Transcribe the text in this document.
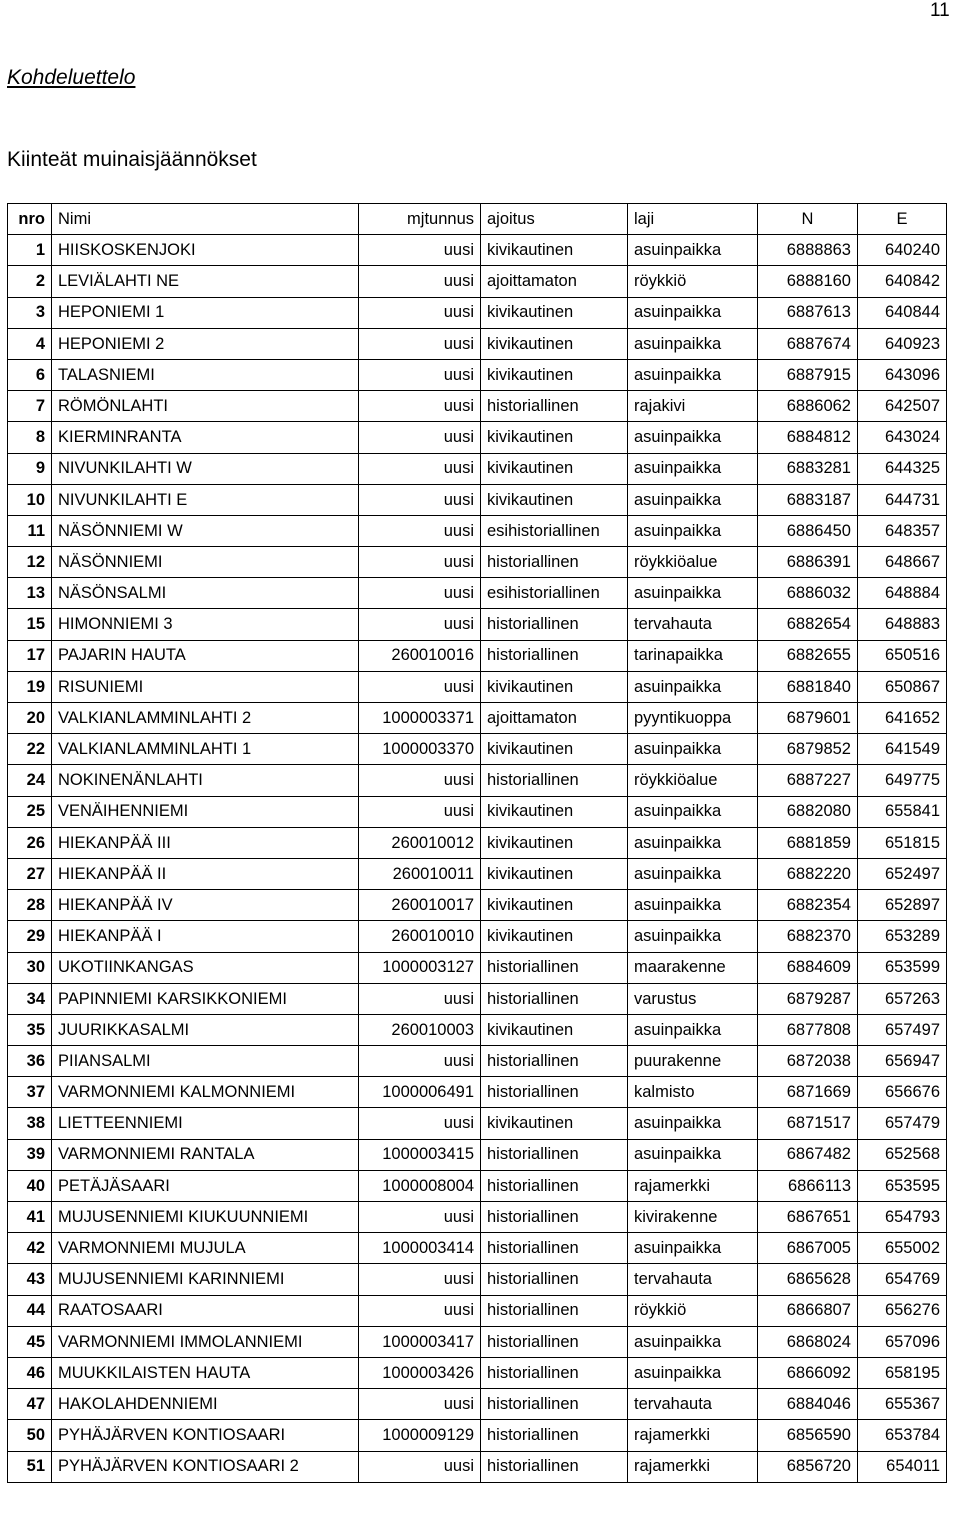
11
Kohdeluettelo
Kiinteät muinaisjäännökset
nro	Nimi	mjtunnus	ajoitus	laji	N	E
1	HIISKOSKENJOKI	uusi	kivikautinen	asuinpaikka	6888863	640240
2	LEVIÄLAHTI NE	uusi	ajoittamaton	röykkiö	6888160	640842
3	HEPONIEMI 1	uusi	kivikautinen	asuinpaikka	6887613	640844
4	HEPONIEMI 2	uusi	kivikautinen	asuinpaikka	6887674	640923
6	TALASNIEMI	uusi	kivikautinen	asuinpaikka	6887915	643096
7	RÖMÖNLAHTI	uusi	historiallinen	rajakivi	6886062	642507
8	KIERMINRANTA	uusi	kivikautinen	asuinpaikka	6884812	643024
9	NIVUNKILAHTI W	uusi	kivikautinen	asuinpaikka	6883281	644325
10	NIVUNKILAHTI E	uusi	kivikautinen	asuinpaikka	6883187	644731
11	NÄSÖNNIEMI W	uusi	esihistoriallinen	asuinpaikka	6886450	648357
12	NÄSÖNNIEMI	uusi	historiallinen	röykkiöalue	6886391	648667
13	NÄSÖNSALMI	uusi	esihistoriallinen	asuinpaikka	6886032	648884
15	HIMONNIEMI 3	uusi	historiallinen	tervahauta	6882654	648883
17	PAJARIN HAUTA	260010016	historiallinen	tarinapaikka	6882655	650516
19	RISUNIEMI	uusi	kivikautinen	asuinpaikka	6881840	650867
20	VALKIANLAMMINLAHTI 2	1000003371	ajoittamaton	pyyntikuoppa	6879601	641652
22	VALKIANLAMMINLAHTI 1	1000003370	kivikautinen	asuinpaikka	6879852	641549
24	NOKINENÄNLAHTI	uusi	historiallinen	röykkiöalue	6887227	649775
25	VENÄIHENNIEMI	uusi	kivikautinen	asuinpaikka	6882080	655841
26	HIEKANPÄÄ III	260010012	kivikautinen	asuinpaikka	6881859	651815
27	HIEKANPÄÄ II	260010011	kivikautinen	asuinpaikka	6882220	652497
28	HIEKANPÄÄ IV	260010017	kivikautinen	asuinpaikka	6882354	652897
29	HIEKANPÄÄ I	260010010	kivikautinen	asuinpaikka	6882370	653289
30	UKOTIINKANGAS	1000003127	historiallinen	maarakenne	6884609	653599
34	PAPINNIEMI KARSIKKONIEMI	uusi	historiallinen	varustus	6879287	657263
35	JUURIKKASALMI	260010003	kivikautinen	asuinpaikka	6877808	657497
36	PIIANSALMI	uusi	historiallinen	puurakenne	6872038	656947
37	VARMONNIEMI KALMONNIEMI	1000006491	historiallinen	kalmisto	6871669	656676
38	LIETTEENNIEMI	uusi	kivikautinen	asuinpaikka	6871517	657479
39	VARMONNIEMI RANTALA	1000003415	historiallinen	asuinpaikka	6867482	652568
40	PETÄJÄSAARI	1000008004	historiallinen	rajamerkki	6866113	653595
41	MUJUSENNIEMI KIUKUUNNIEMI	uusi	historiallinen	kivirakenne	6867651	654793
42	VARMONNIEMI MUJULA	1000003414	historiallinen	asuinpaikka	6867005	655002
43	MUJUSENNIEMI KARINNIEMI	uusi	historiallinen	tervahauta	6865628	654769
44	RAATOSAARI	uusi	historiallinen	röykkiö	6866807	656276
45	VARMONNIEMI IMMOLANNIEMI	1000003417	historiallinen	asuinpaikka	6868024	657096
46	MUUKKILAISTEN HAUTA	1000003426	historiallinen	asuinpaikka	6866092	658195
47	HAKOLAHDENNIEMI	uusi	historiallinen	tervahauta	6884046	655367
50	PYHÄJÄRVEN KONTIOSAARI	1000009129	historiallinen	rajamerkki	6856590	653784
51	PYHÄJÄRVEN KONTIOSAARI 2	uusi	historiallinen	rajamerkki	6856720	654011
